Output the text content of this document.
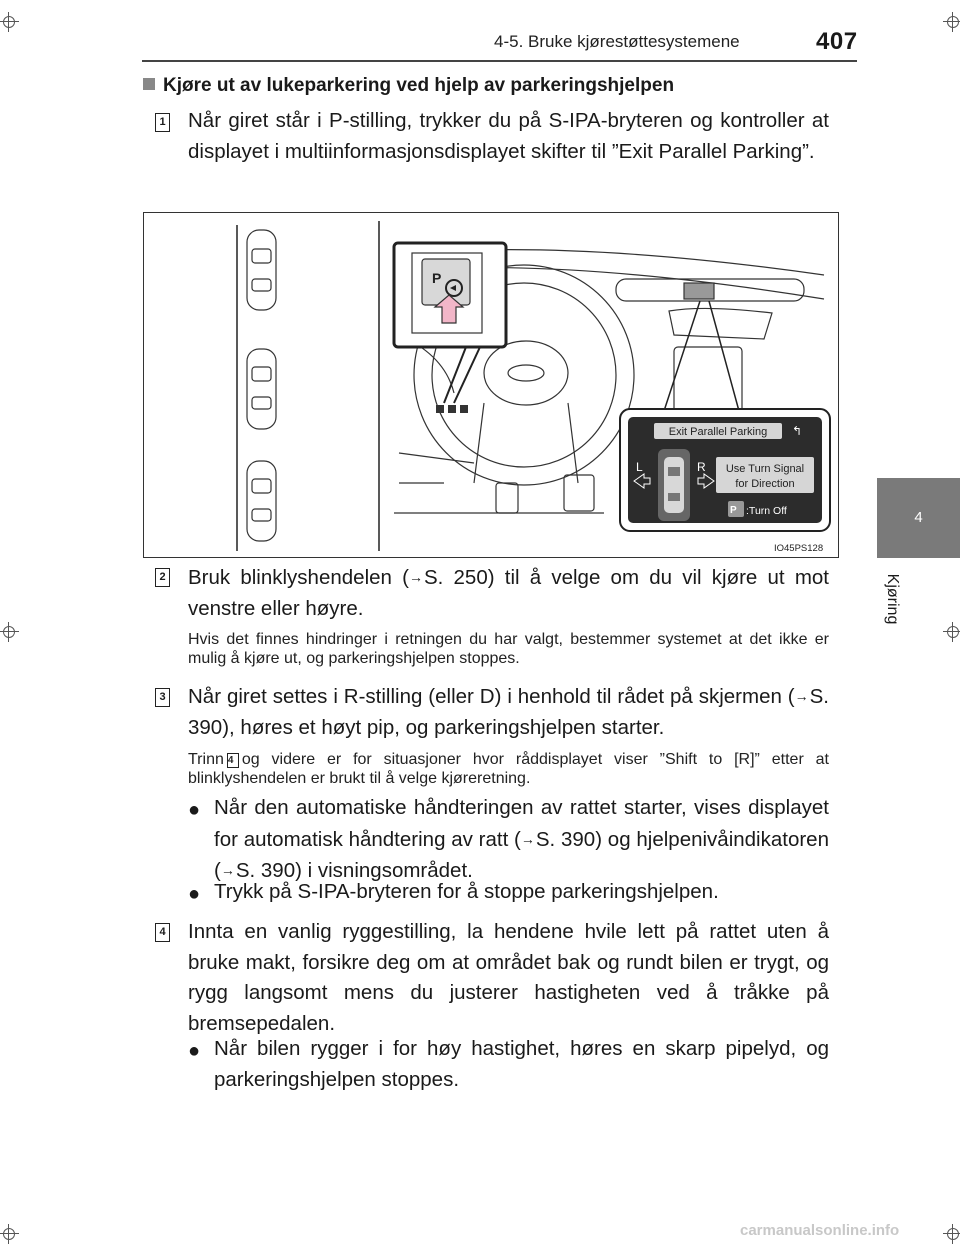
4-5. Bruke kjørestøttesystemene	407
4
Kjøring
Kjøre ut av lukeparkering ved hjelp av parkeringshjelpen
1 Når giret står i P-stilling, trykker du på S-IPA-bryteren og kontroller at displayet i multiinformasjonsdisplayet skifter til ”Exit Parallel Parking”.
P
Exit Parallel Parking ↰
L	R Use Turn Signal
for Direction
P :Turn Off
IO45PS128
2 Bruk blinklyshendelen (→S. 250) til å velge om du vil kjøre ut mot venstre eller høyre.
Hvis det finnes hindringer i retningen du har valgt, bestemmer systemet at det ikke er mulig å kjøre ut, og parkeringshjelpen stoppes.
3 Når giret settes i R-stilling (eller D) i henhold til rådet på skjermen (→S. 390), høres et høyt pip, og parkeringshjelpen starter.
Trinn 4 og videre er for situasjoner hvor råddisplayet viser ”Shift to [R]” etter at blinklyshendelen er brukt til å velge kjøreretning.
● Når den automatiske håndteringen av rattet starter, vises displayet for automatisk håndtering av ratt (→S. 390) og hjelpenivåindikatoren (→S. 390) i visningsområdet.
● Trykk på S-IPA-bryteren for å stoppe parkeringshjelpen.
4 Innta en vanlig ryggestilling, la hendene hvile lett på rattet uten å bruke makt, forsikre deg om at området bak og rundt bilen er trygt, og rygg langsomt mens du justerer hastigheten ved å tråkke på bremsepedalen.
● Når bilen rygger i for høy hastighet, høres en skarp pipelyd, og parkeringshjelpen stoppes.
carmanualsonline.info
